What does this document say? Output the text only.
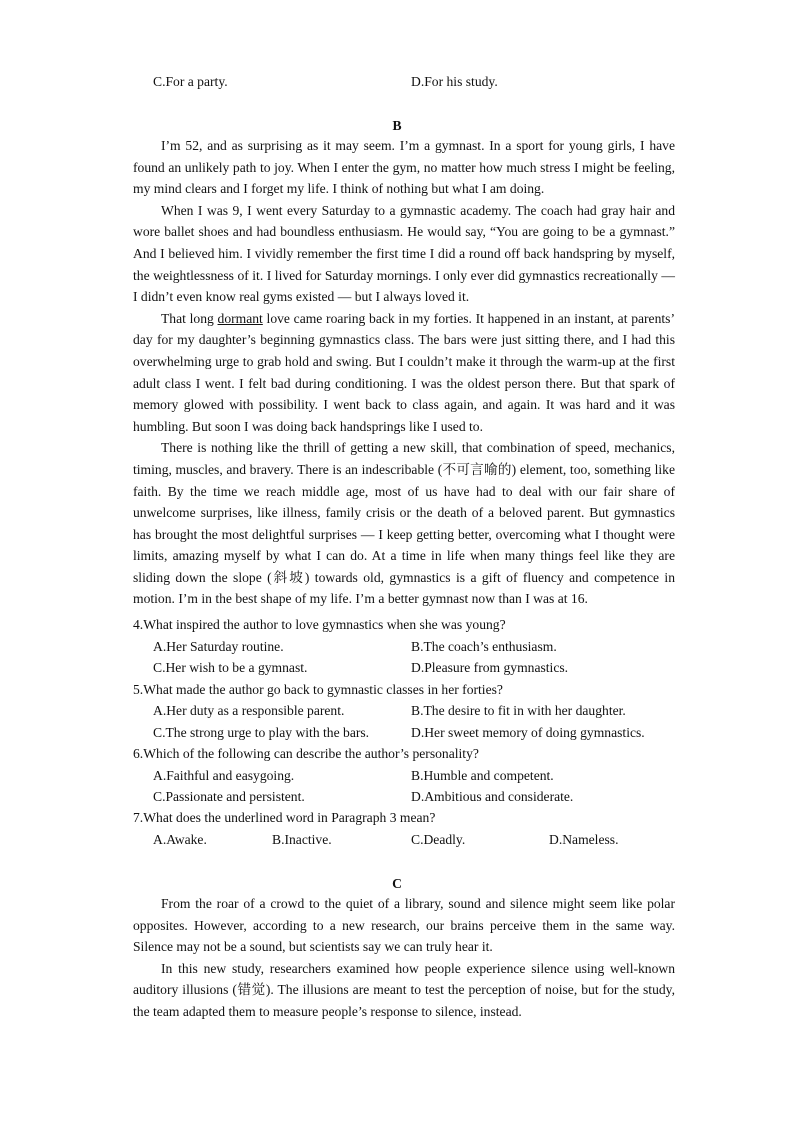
C.For a party.	D.For his study.
B

I’m 52, and as surprising as it may seem. I’m a gymnast. In a sport for young girls, I have found an unlikely path to joy. When I enter the gym, no matter how much stress I might be feeling, my mind clears and I forget my life. I think of nothing but what I am doing.

When I was 9, I went every Saturday to a gymnastic academy. The coach had gray hair and wore ballet shoes and had boundless enthusiasm. He would say, “You are going to be a gymnast.” And I believed him. I vividly remember the first time I did a round off back handspring by myself, the weightlessness of it. I lived for Saturday mornings. I only ever did gymnastics recreationally — I didn’t even know real gyms existed — but I always loved it.

That long dormant love came roaring back in my forties. It happened in an instant, at parents’ day for my daughter’s beginning gymnastics class. The bars were just sitting there, and I had this overwhelming urge to grab hold and swing. But I couldn’t make it through the warm-up at the first adult class I went. I felt bad during conditioning. I was the oldest person there. But that spark of memory glowed with possibility. I went back to class again, and again. It was hard and it was humbling. But soon I was doing back handsprings like I used to.

There is nothing like the thrill of getting a new skill, that combination of speed, mechanics, timing, muscles, and bravery. There is an indescribable (不可言喻的) element, too, something like faith. By the time we reach middle age, most of us have had to deal with our fair share of unwelcome surprises, like illness, family crisis or the death of a beloved parent. But gymnastics has brought the most delightful surprises — I keep getting better, overcoming what I thought were limits, amazing myself by what I can do. At a time in life when many things feel like they are sliding down the slope (斜坡) towards old, gymnastics is a gift of fluency and competence in motion. I’m in the best shape of my life. I’m a better gymnast now than I was at 16.

4.What inspired the author to love gymnastics when she was young?
A.Her Saturday routine.	B.The coach’s enthusiasm.
C.Her wish to be a gymnast.	D.Pleasure from gymnastics.
5.What made the author go back to gymnastic classes in her forties?
A.Her duty as a responsible parent.	B.The desire to fit in with her daughter.
C.The strong urge to play with the bars.	D.Her sweet memory of doing gymnastics.
6.Which of the following can describe the author’s personality?
A.Faithful and easygoing.	B.Humble and competent.
C.Passionate and persistent.	D.Ambitious and considerate.
7.What does the underlined word in Paragraph 3 mean?
A.Awake.	B.Inactive.	C.Deadly.	D.Nameless.
C

From the roar of a crowd to the quiet of a library, sound and silence might seem like polar opposites. However, according to a new research, our brains perceive them in the same way. Silence may not be a sound, but scientists say we can truly hear it.

In this new study, researchers examined how people experience silence using well-known auditory illusions (错觉). The illusions are meant to test the perception of noise, but for the study, the team adapted them to measure people’s response to silence, instead.
